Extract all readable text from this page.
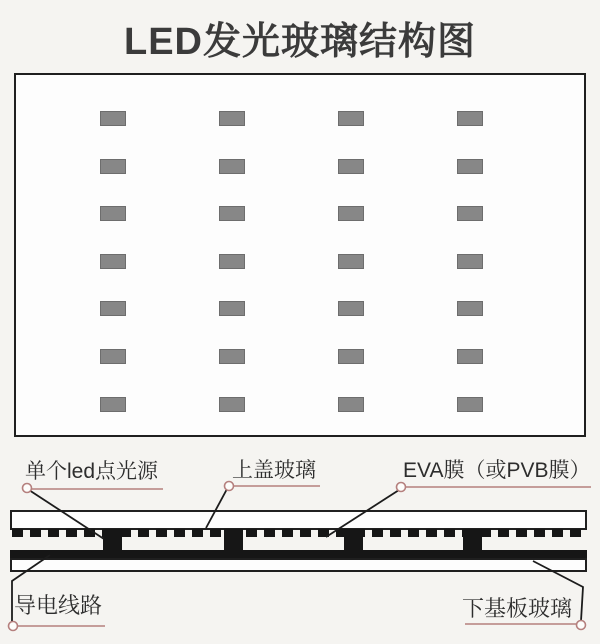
LED发光玻璃结构图
单个led点光源	上盖玻璃	EVA膜（或PVB膜）
导电线路	下基板玻璃
